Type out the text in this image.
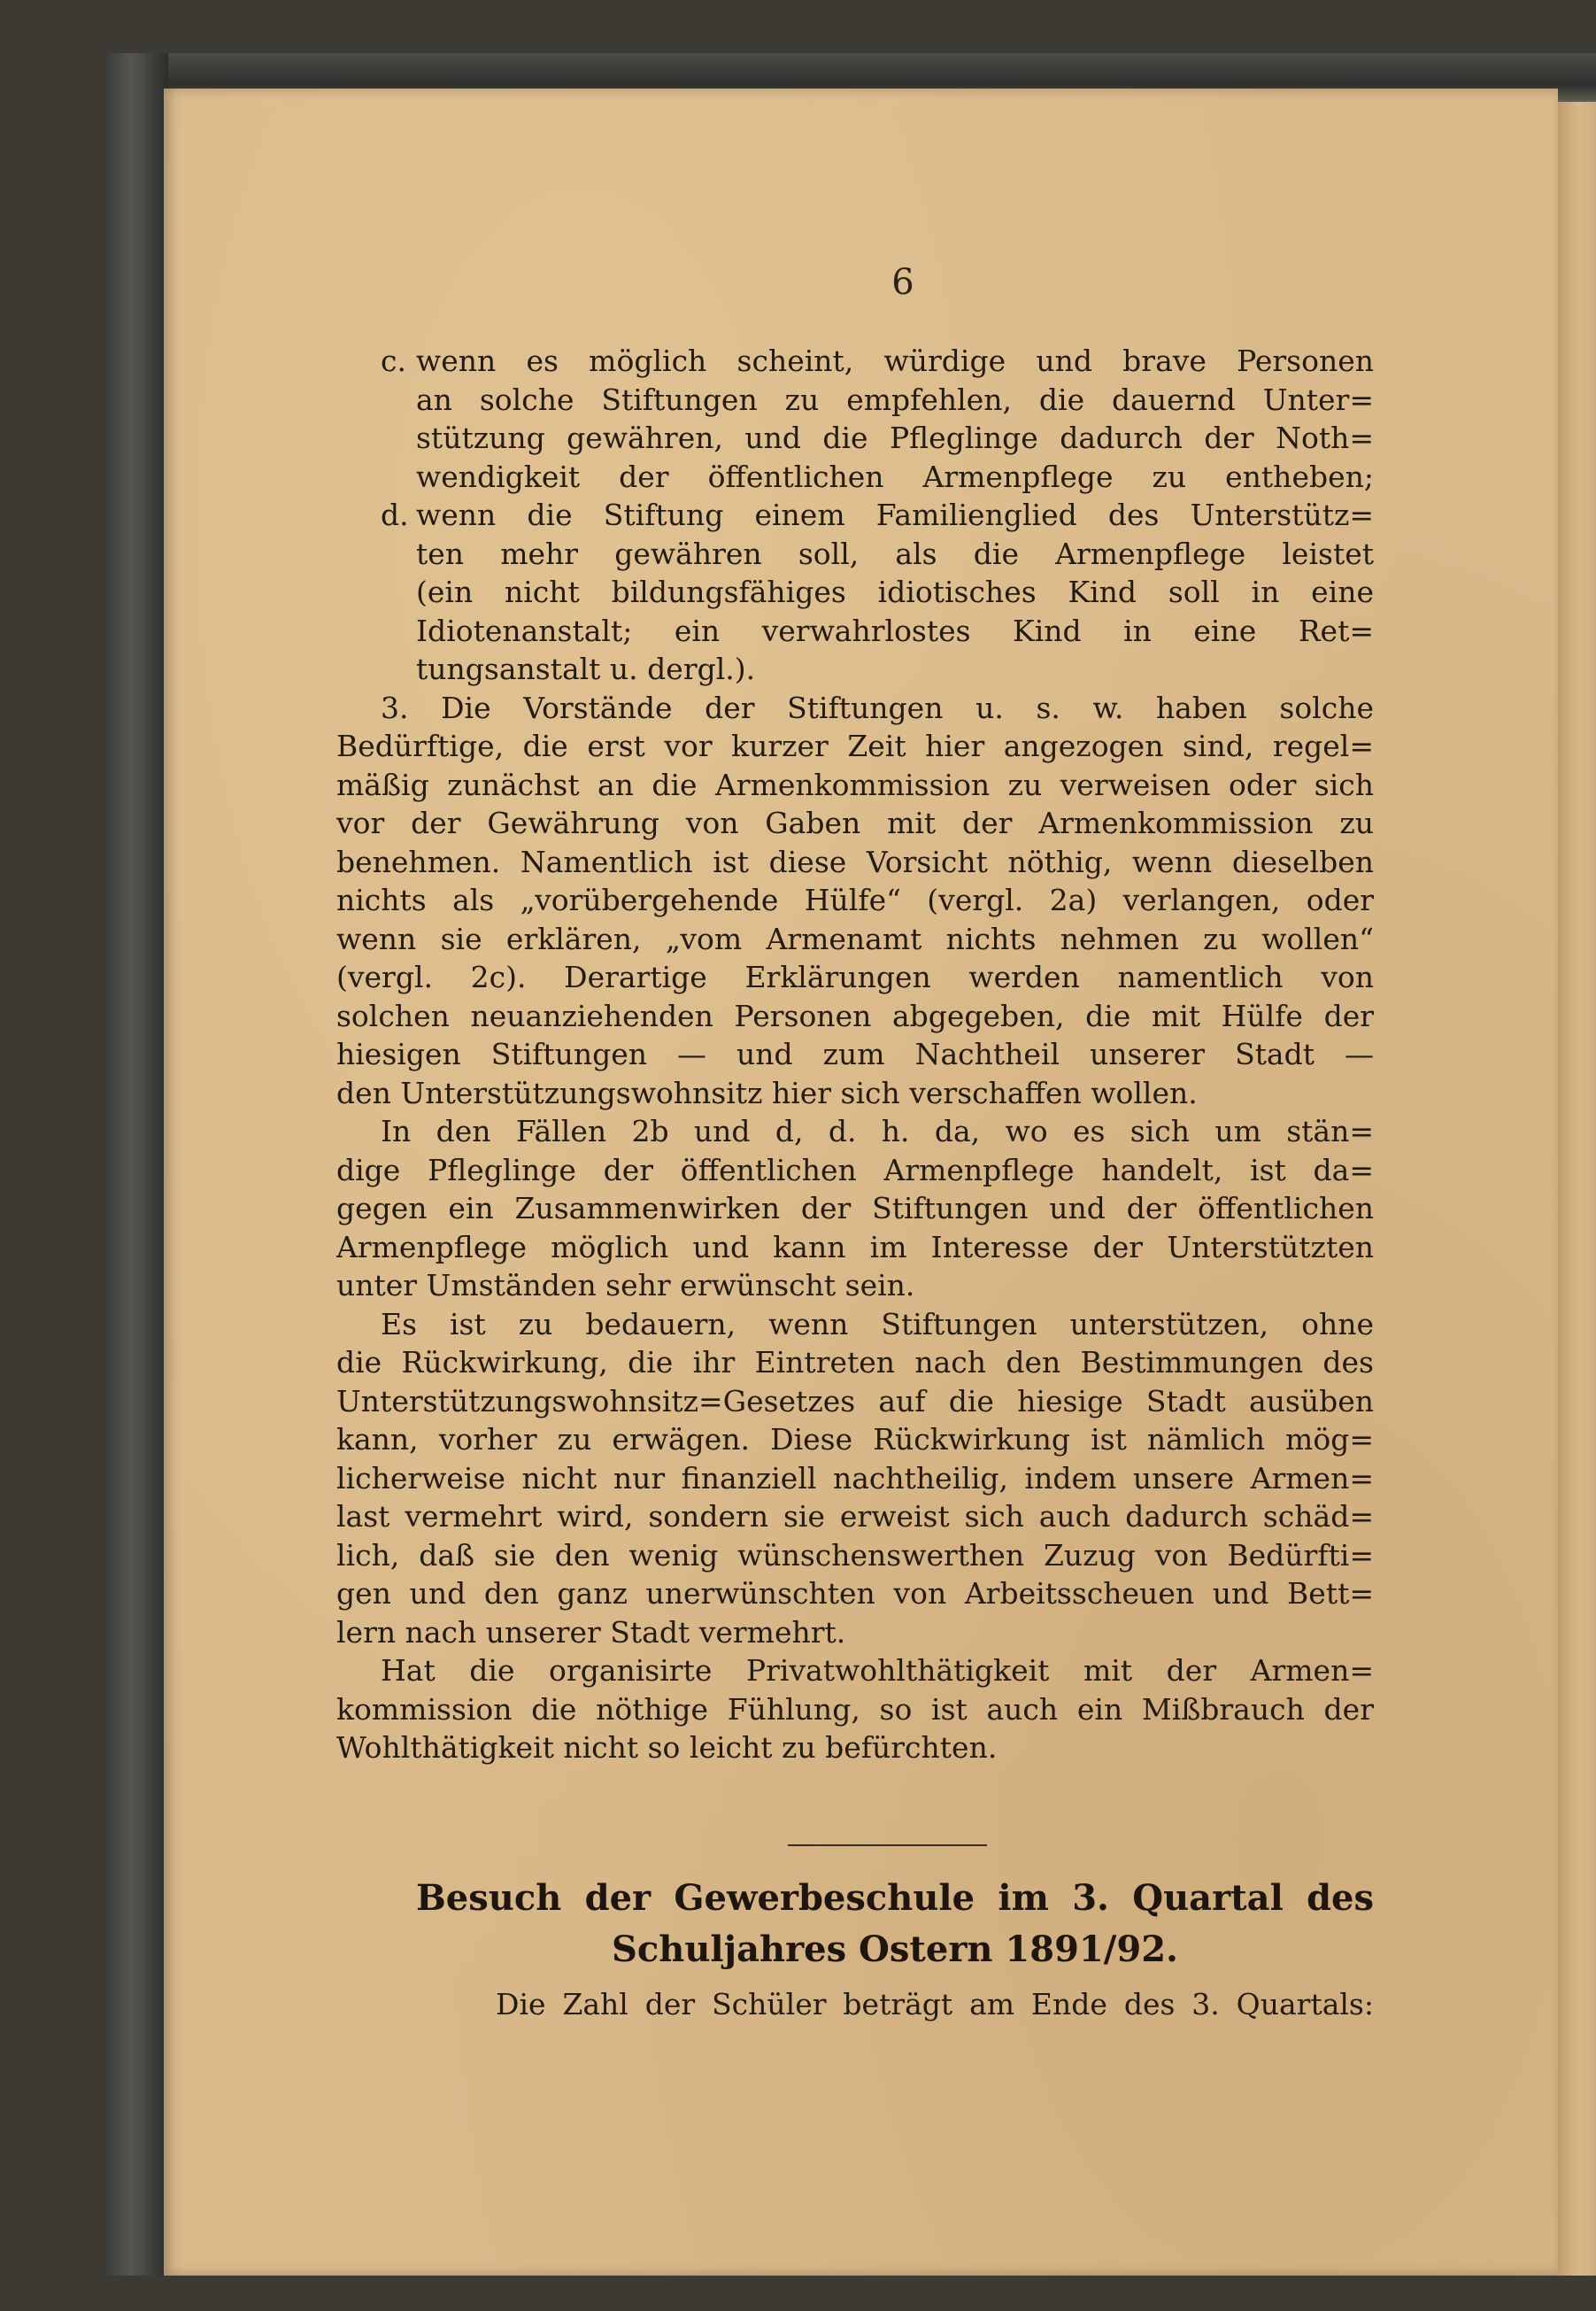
6
c. wenn es möglich scheint, würdige und brave Personen
an solche Stiftungen zu empfehlen, die dauernd Unter=
stützung gewähren, und die Pfleglinge dadurch der Noth=
wendigkeit der öffentlichen Armenpflege zu entheben;
d. wenn die Stiftung einem Familienglied des Unterstütz=
ten mehr gewähren soll, als die Armenpflege leistet
(ein nicht bildungsfähiges idiotisches Kind soll in eine
Idiotenanstalt; ein verwahrlostes Kind in eine Ret=
tungsanstalt u. dergl.).
3. Die Vorstände der Stiftungen u. s. w. haben solche
Bedürftige, die erst vor kurzer Zeit hier angezogen sind, regel=
mäßig zunächst an die Armenkommission zu verweisen oder sich
vor der Gewährung von Gaben mit der Armenkommission zu
benehmen. Namentlich ist diese Vorsicht nöthig, wenn dieselben
nichts als „vorübergehende Hülfe“ (vergl. 2a) verlangen, oder
wenn sie erklären, „vom Armenamt nichts nehmen zu wollen“
(vergl. 2c). Derartige Erklärungen werden namentlich von
solchen neuanziehenden Personen abgegeben, die mit Hülfe der
hiesigen Stiftungen — und zum Nachtheil unserer Stadt —
den Unterstützungswohnsitz hier sich verschaffen wollen.
In den Fällen 2b und d, d. h. da, wo es sich um stän=
dige Pfleglinge der öffentlichen Armenpflege handelt, ist da=
gegen ein Zusammenwirken der Stiftungen und der öffentlichen
Armenpflege möglich und kann im Interesse der Unterstützten
unter Umständen sehr erwünscht sein.
Es ist zu bedauern, wenn Stiftungen unterstützen, ohne
die Rückwirkung, die ihr Eintreten nach den Bestimmungen des
Unterstützungswohnsitz=Gesetzes auf die hiesige Stadt ausüben
kann, vorher zu erwägen. Diese Rückwirkung ist nämlich mög=
licherweise nicht nur finanziell nachtheilig, indem unsere Armen=
last vermehrt wird, sondern sie erweist sich auch dadurch schäd=
lich, daß sie den wenig wünschenswerthen Zuzug von Bedürfti=
gen und den ganz unerwünschten von Arbeitsscheuen und Bett=
lern nach unserer Stadt vermehrt.
Hat die organisirte Privatwohlthätigkeit mit der Armen=
kommission die nöthige Fühlung, so ist auch ein Mißbrauch der
Wohlthätigkeit nicht so leicht zu befürchten.
Besuch der Gewerbeschule im 3. Quartal des
Schuljahres Ostern 1891/92.
Die Zahl der Schüler beträgt am Ende des 3. Quartals:
